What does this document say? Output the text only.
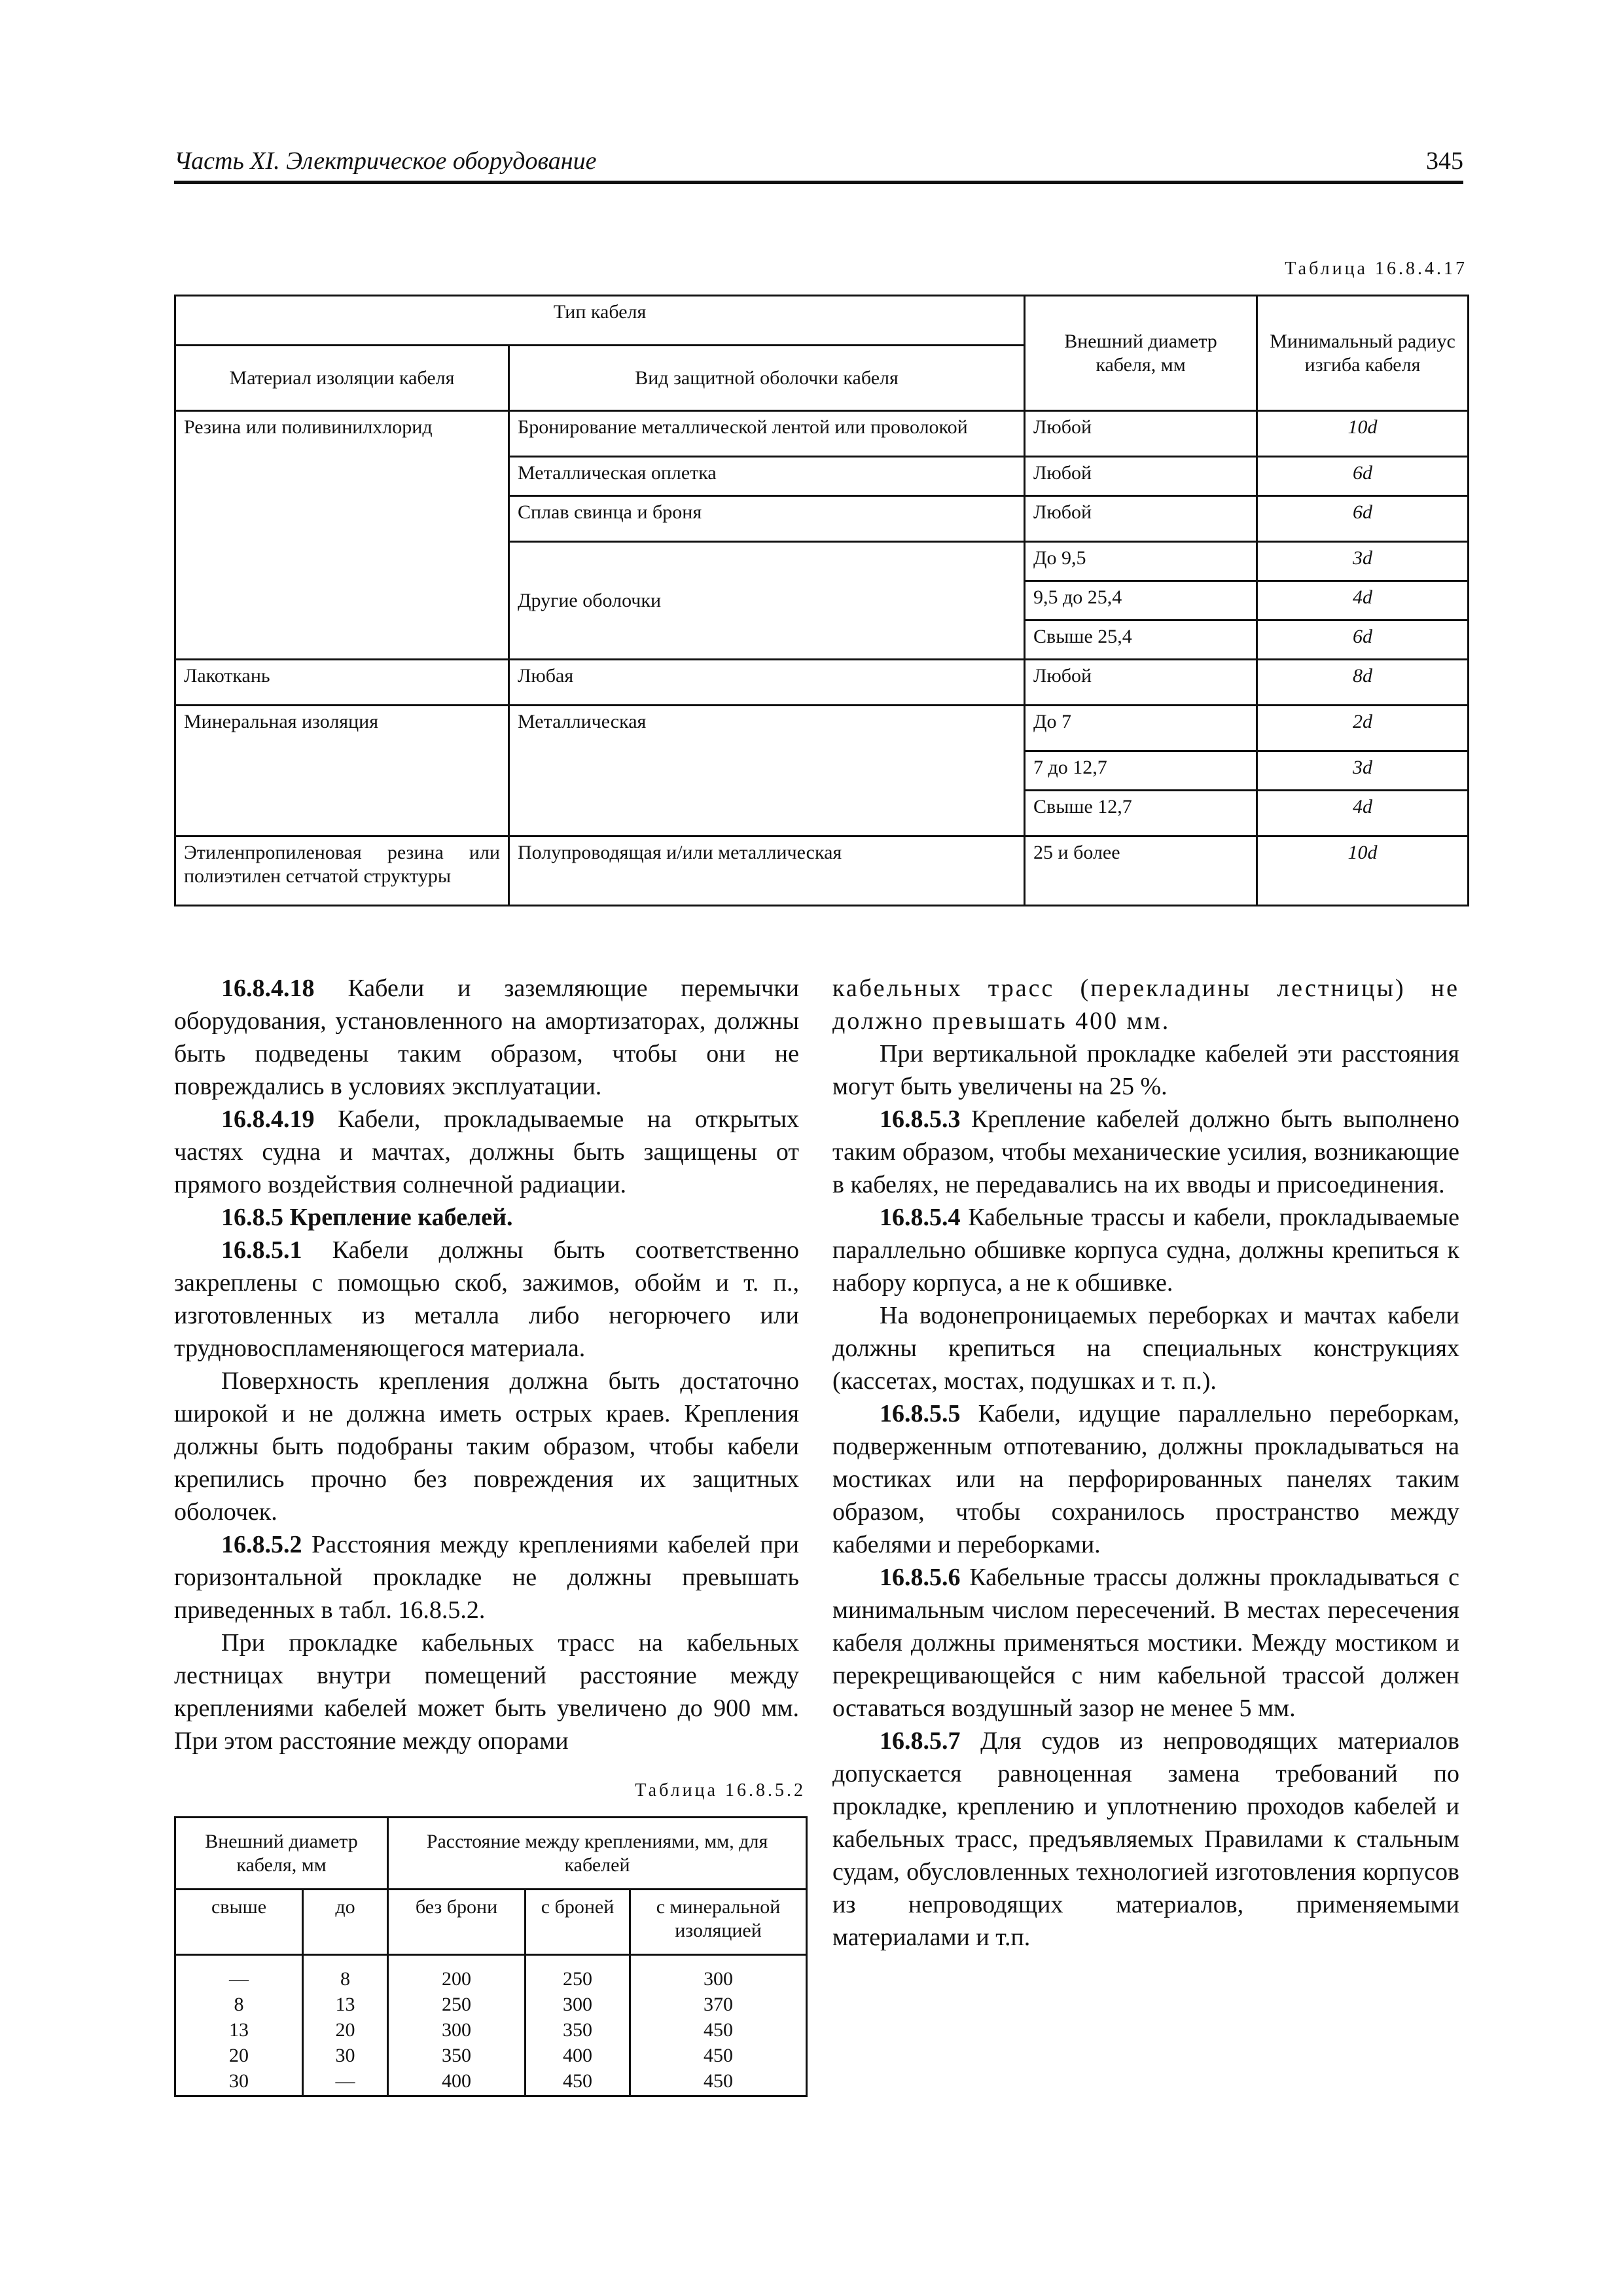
Часть XI. Электрическое оборудование	345
Таблица 16.8.4.17
Тип кабеля		Внешний диаметр кабеля, мм	Минимальный радиус изгиба кабеля
Материал изоляции кабеля	Вид защитной оболочки кабеля		
Резина или поливинилхлорид	Бронирование металлической лентой или проволокой	Любой	10d
	Металлическая оплетка	Любой	6d
	Сплав свинца и броня	Любой	6d
	Другие оболочки	До 9,5	3d
		9,5 до 25,4	4d
		Свыше 25,4	6d
Лакоткань	Любая	Любой	8d
Минеральная изоляция	Металлическая	До 7	2d
		7 до 12,7	3d
		Свыше 12,7	4d
Этиленпропиленовая резина или полиэтилен сетчатой структуры	Полупроводящая и/или металлическая	25 и более	10d

16.8.4.18 Кабели и заземляющие перемычки оборудования, установленного на амортизаторах, должны быть подведены таким образом, чтобы они не повреждались в условиях эксплуатации.

16.8.4.19 Кабели, прокладываемые на открытых частях судна и мачтах, должны быть защищены от прямого воздействия солнечной радиации.

16.8.5 Крепление кабелей.

16.8.5.1 Кабели должны быть соответственно закреплены с помощью скоб, зажимов, обойм и т. п., изготовленных из металла либо негорючего или трудновоспламеняющегося материала.

Поверхность крепления должна быть достаточно широкой и не должна иметь острых краев. Крепления должны быть подобраны таким образом, чтобы кабели крепились прочно без повреждения их защитных оболочек.

16.8.5.2 Расстояния между креплениями кабелей при горизонтальной прокладке не должны превышать приведенных в табл. 16.8.5.2.

При прокладке кабельных трасс на кабельных лестницах внутри помещений расстояние между креплениями кабелей может быть увеличено до 900 мм. При этом расстояние между опорами

кабельных трасс (перекладины лестницы) не должно превышать 400 мм.

При вертикальной прокладке кабелей эти расстояния могут быть увеличены на 25 %.

16.8.5.3 Крепление кабелей должно быть выполнено таким образом, чтобы механические усилия, возникающие в кабелях, не передавались на их вводы и присоединения.

16.8.5.4 Кабельные трассы и кабели, прокладываемые параллельно обшивке корпуса судна, должны крепиться к набору корпуса, а не к обшивке.

На водонепроницаемых переборках и мачтах кабели должны крепиться на специальных конструкциях (кассетах, мостах, подушках и т. п.).

16.8.5.5 Кабели, идущие параллельно переборкам, подверженным отпотеванию, должны прокладываться на мостиках или на перфорированных панелях таким образом, чтобы сохранилось пространство между кабелями и переборками.

16.8.5.6 Кабельные трассы должны прокладываться с минимальным числом пересечений. В местах пересечения кабеля должны применяться мостики. Между мостиком и перекрещивающейся с ним кабельной трассой должен оставаться воздушный зазор не менее 5 мм.

16.8.5.7 Для судов из непроводящих материалов допускается равноценная замена требований по прокладке, креплению и уплотнению проходов кабелей и кабельных трасс, предъявляемых Правилами к стальным судам, обусловленных технологией изготовления корпусов из непроводящих материалов, применяемыми материалами и т.п.

Таблица 16.8.5.2
Внешний диаметр кабеля, мм		Расстояние между креплениями, мм, для кабелей		
свыше	до	без брони	с броней	с минеральной изоляцией
—	8	200	250	300
8	13	250	300	370
13	20	300	350	450
20	30	350	400	450
30	—	400	450	450
